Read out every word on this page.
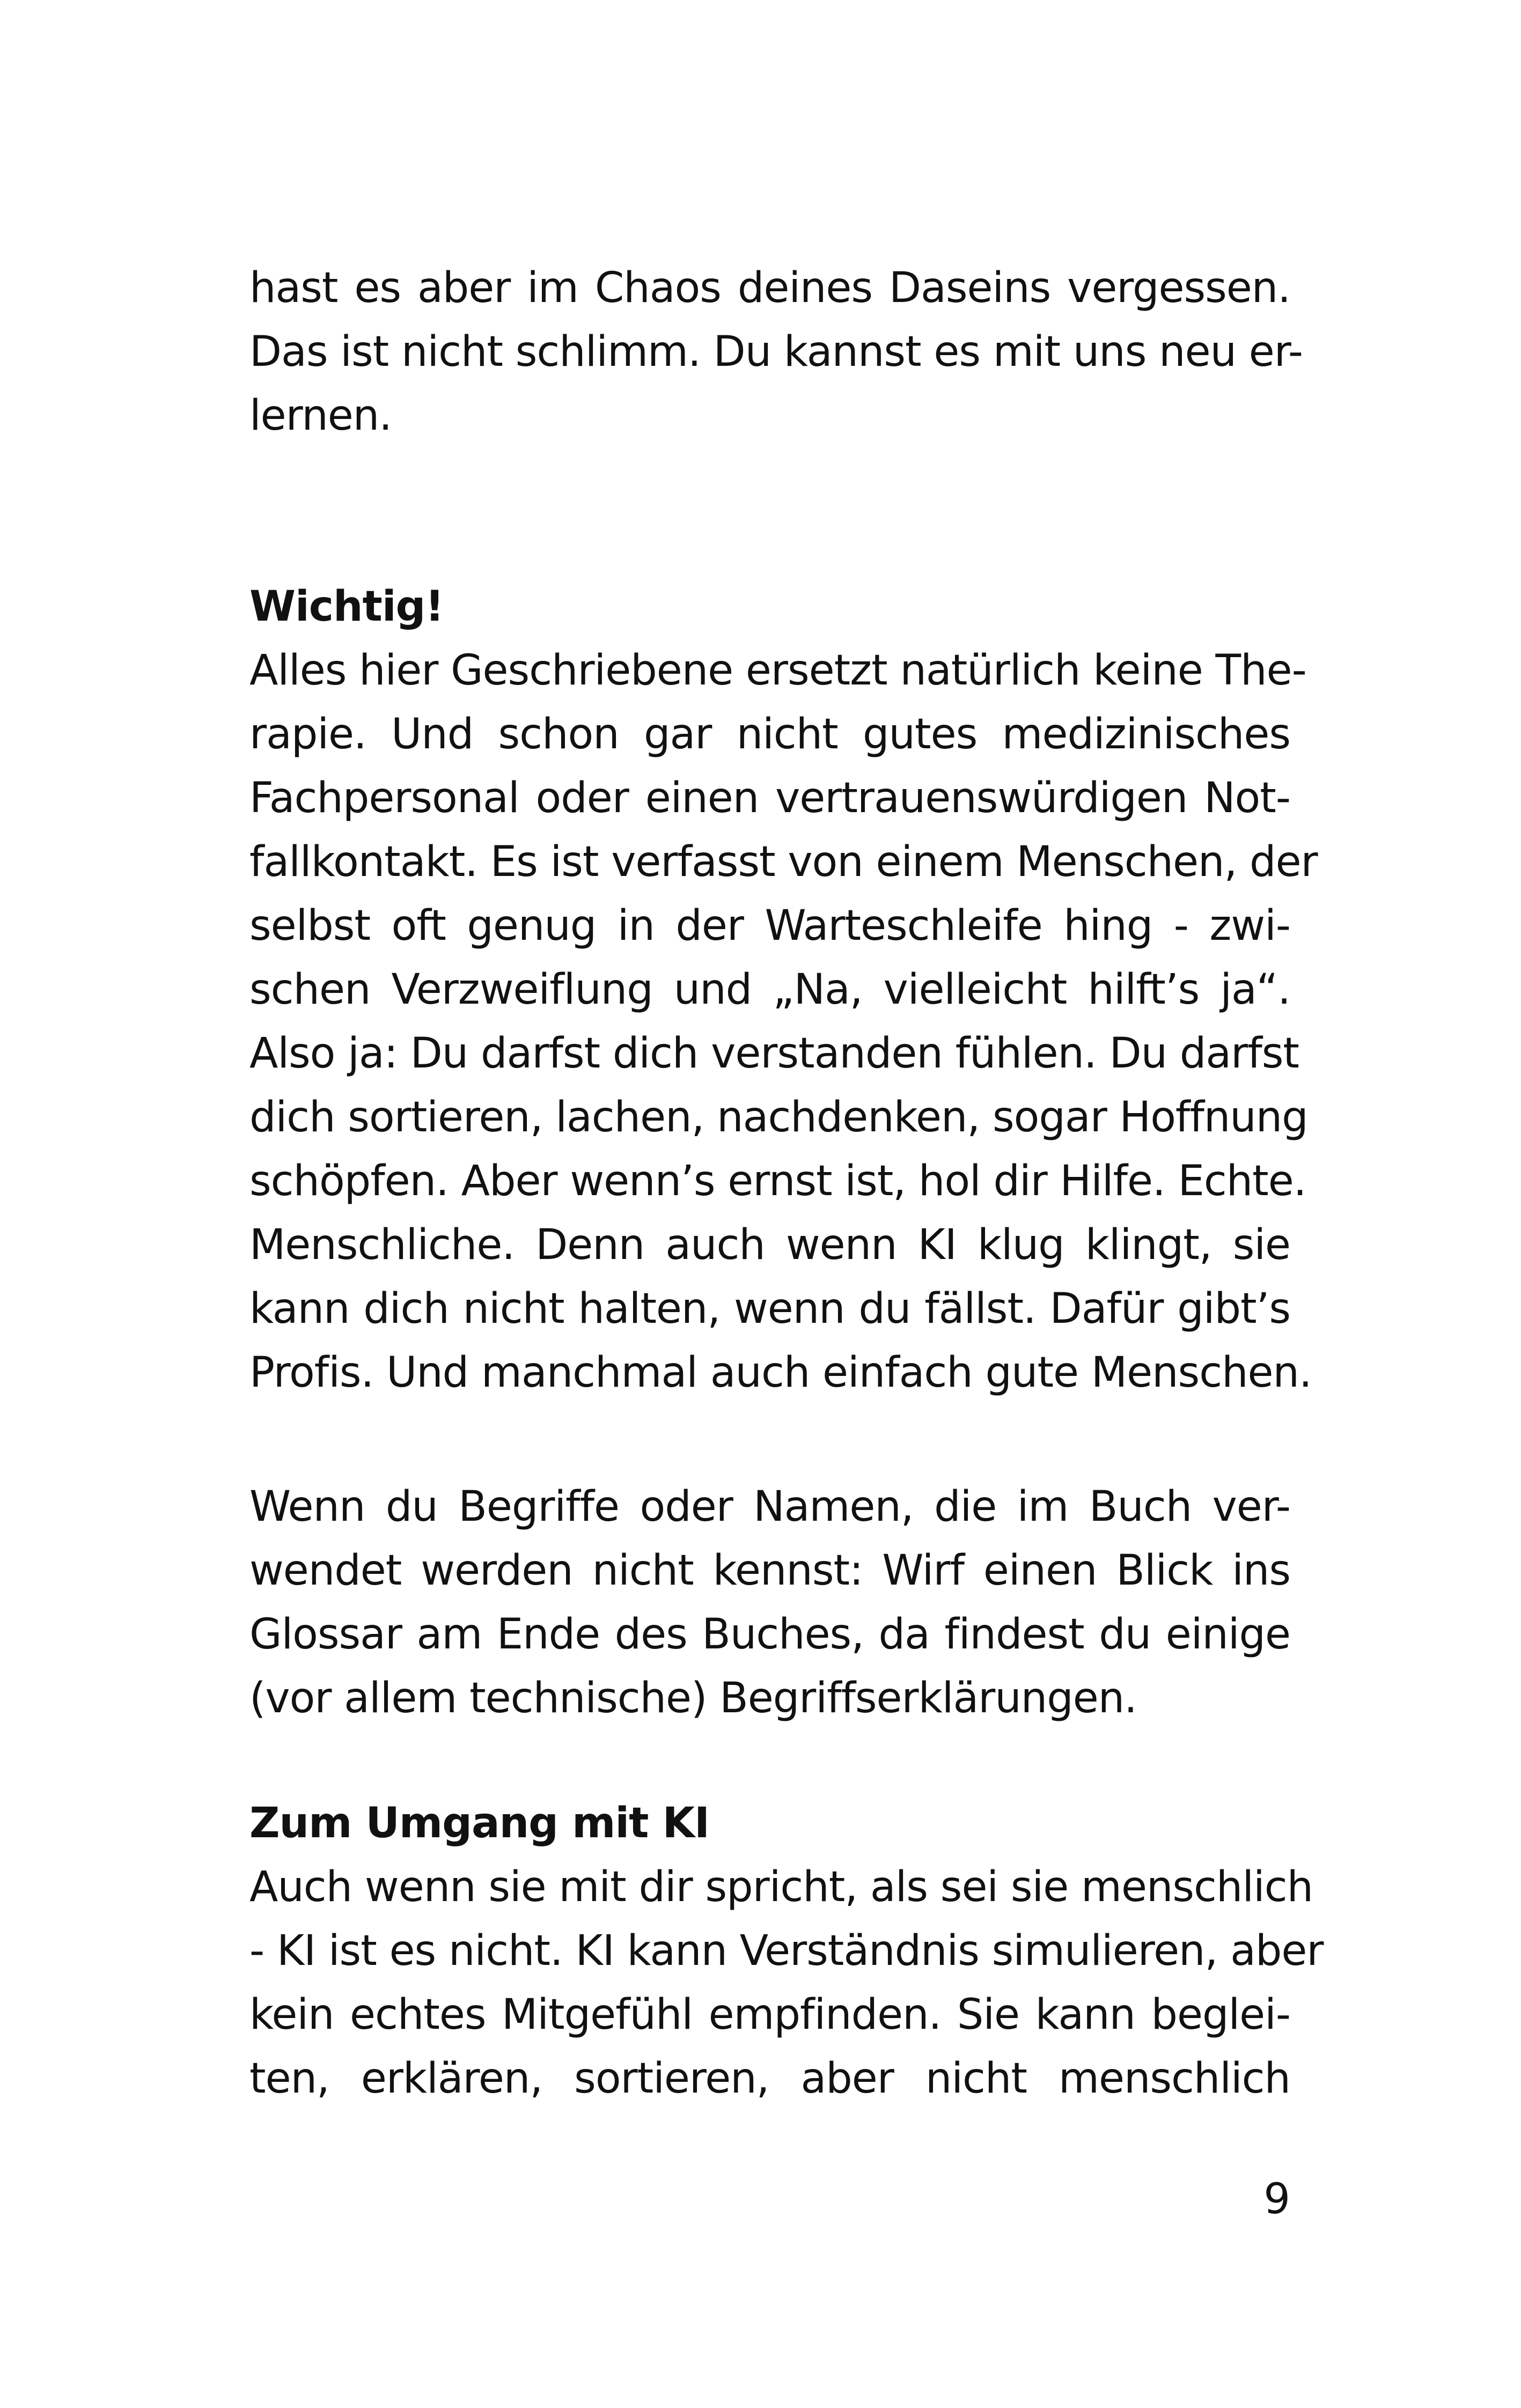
hast es aber im Chaos deines Daseins vergessen.
Das ist nicht schlimm. Du kannst es mit uns neu er-
lernen.
Wichtig!
Alles hier Geschriebene ersetzt natürlich keine The-
rapie. Und schon gar nicht gutes medizinisches
Fachpersonal oder einen vertrauenswürdigen Not-
fallkontakt. Es ist verfasst von einem Menschen, der
selbst oft genug in der Warteschleife hing - zwi-
schen Verzweiflung und „Na, vielleicht hilft’s ja“.
Also ja: Du darfst dich verstanden fühlen. Du darfst
dich sortieren, lachen, nachdenken, sogar Hoffnung
schöpfen. Aber wenn’s ernst ist, hol dir Hilfe. Echte.
Menschliche. Denn auch wenn KI klug klingt, sie
kann dich nicht halten, wenn du fällst. Dafür gibt’s
Profis. Und manchmal auch einfach gute Menschen.
Wenn du Begriffe oder Namen, die im Buch ver-
wendet werden nicht kennst: Wirf einen Blick ins
Glossar am Ende des Buches, da findest du einige
(vor allem technische) Begriffserklärungen.
Zum Umgang mit KI
Auch wenn sie mit dir spricht, als sei sie menschlich
- KI ist es nicht. KI kann Verständnis simulieren, aber
kein echtes Mitgefühl empfinden. Sie kann beglei-
ten, erklären, sortieren, aber nicht menschlich
9
